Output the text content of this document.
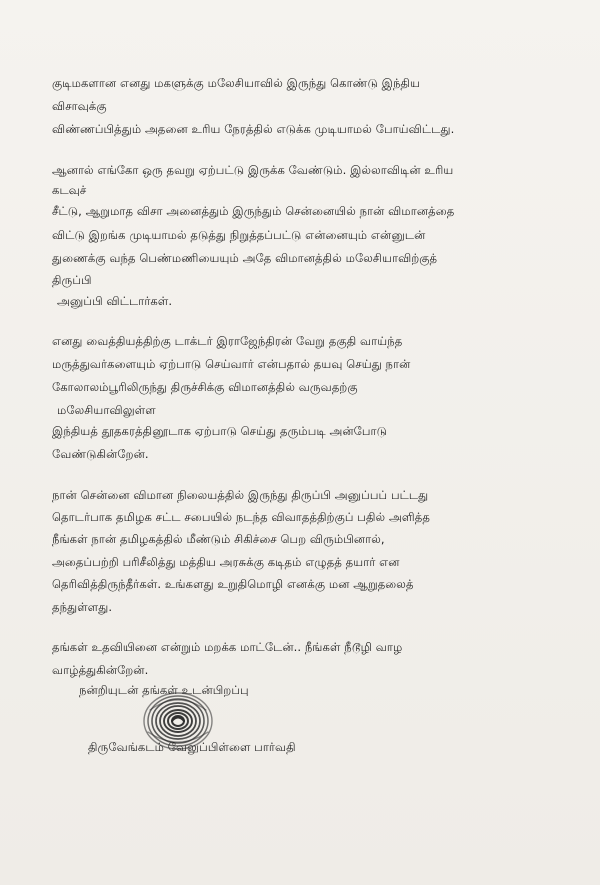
குடிமகளான எனது மகளுக்கு மலேசியாவில் இருந்து கொண்டு இந்திய
விசாவுக்கு
விண்ணப்பித்தும் அதனை உரிய நேரத்தில் எடுக்க முடியாமல் போய்விட்டது.
ஆனால் எங்கோ ஒரு தவறு ஏற்பட்டு இருக்க வேண்டும். இல்லாவிடின் உரிய
கடவுச்
சீட்டு, ஆறுமாத விசா அனைத்தும் இருந்தும் சென்னையில் நான் விமானத்தை
விட்டு இறங்க முடியாமல் தடுத்து நிறுத்தப்பட்டு என்னையும் என்னுடன்
துணைக்கு வந்த பெண்மணியையும் அதே விமானத்தில் மலேசியாவிற்குத்
திருப்பி
அனுப்பி விட்டார்கள்.
எனது வைத்தியத்திற்கு டாக்டர் இராஜேந்திரன் வேறு தகுதி வாய்ந்த
மருத்துவர்களையும் ஏற்பாடு செய்வார் என்பதால் தயவு செய்து நான்
கோலாலம்பூரிலிருந்து திருச்சிக்கு விமானத்தில் வருவதற்கு
மலேசியாவிலுள்ள
இந்தியத் தூதகரத்தினூடாக ஏற்பாடு செய்து தரும்படி அன்போடு
வேண்டுகின்றேன்.
நான் சென்னை விமான நிலையத்தில் இருந்து திருப்பி அனுப்பப் பட்டது
தொடர்பாக தமிழக சட்ட சபையில் நடந்த விவாதத்திற்குப் பதில் அளித்த
நீங்கள் நான் தமிழகத்தில் மீண்டும் சிகிச்சை பெற விரும்பினால்,
அதைப்பற்றி பரிசீலித்து மத்திய அரசுக்கு கடிதம் எழுதத் தயார் என
தெரிவித்திருந்தீர்கள். உங்களது உறுதிமொழி எனக்கு மன ஆறுதலைத்
தந்துள்ளது.
தங்கள் உதவியினை என்றும் மறக்க மாட்டேன்.. நீங்கள் நீடூழி வாழ
வாழ்த்துகின்றேன்.
நன்றியுடன் தங்கள் உடன்பிறப்பு
திருவேங்கடம் வேலுப்பிள்ளை பார்வதி
